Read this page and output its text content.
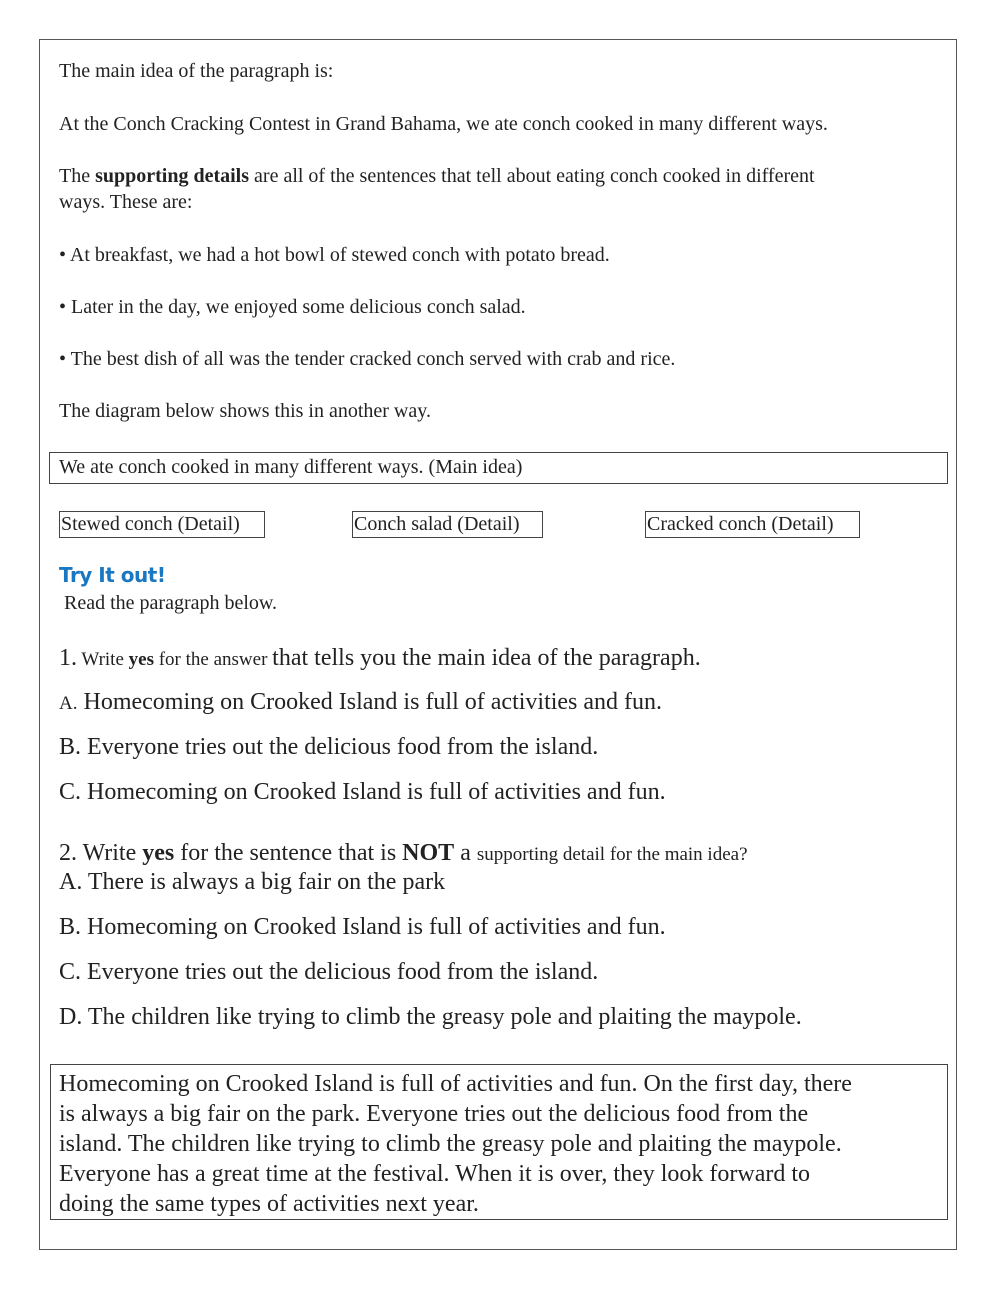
The main idea of the paragraph is:
At the Conch Cracking Contest in Grand Bahama, we ate conch cooked in many different ways.
The supporting details are all of the sentences that tell about eating conch cooked in different
ways. These are:
• At breakfast, we had a hot bowl of stewed conch with potato bread.
• Later in the day, we enjoyed some delicious conch salad.
• The best dish of all was the tender cracked conch served with crab and rice.
The diagram below shows this in another way.
We ate conch cooked in many different ways. (Main idea)
Stewed conch (Detail)	Conch salad (Detail)	Cracked conch (Detail)
Try It out!
Read the paragraph below.
1. Write yes for the answer that tells you the main idea of the paragraph.
A. Homecoming on Crooked Island is full of activities and fun.
B. Everyone tries out the delicious food from the island.
C. Homecoming on Crooked Island is full of activities and fun.
2. Write yes for the sentence that is NOT a supporting detail for the main idea?
A. There is always a big fair on the park
B. Homecoming on Crooked Island is full of activities and fun.
C. Everyone tries out the delicious food from the island.
D. The children like trying to climb the greasy pole and plaiting the maypole.
Homecoming on Crooked Island is full of activities and fun. On the first day, there
is always a big fair on the park. Everyone tries out the delicious food from the
island. The children like trying to climb the greasy pole and plaiting the maypole.
Everyone has a great time at the festival. When it is over, they look forward to
doing the same types of activities next year.
